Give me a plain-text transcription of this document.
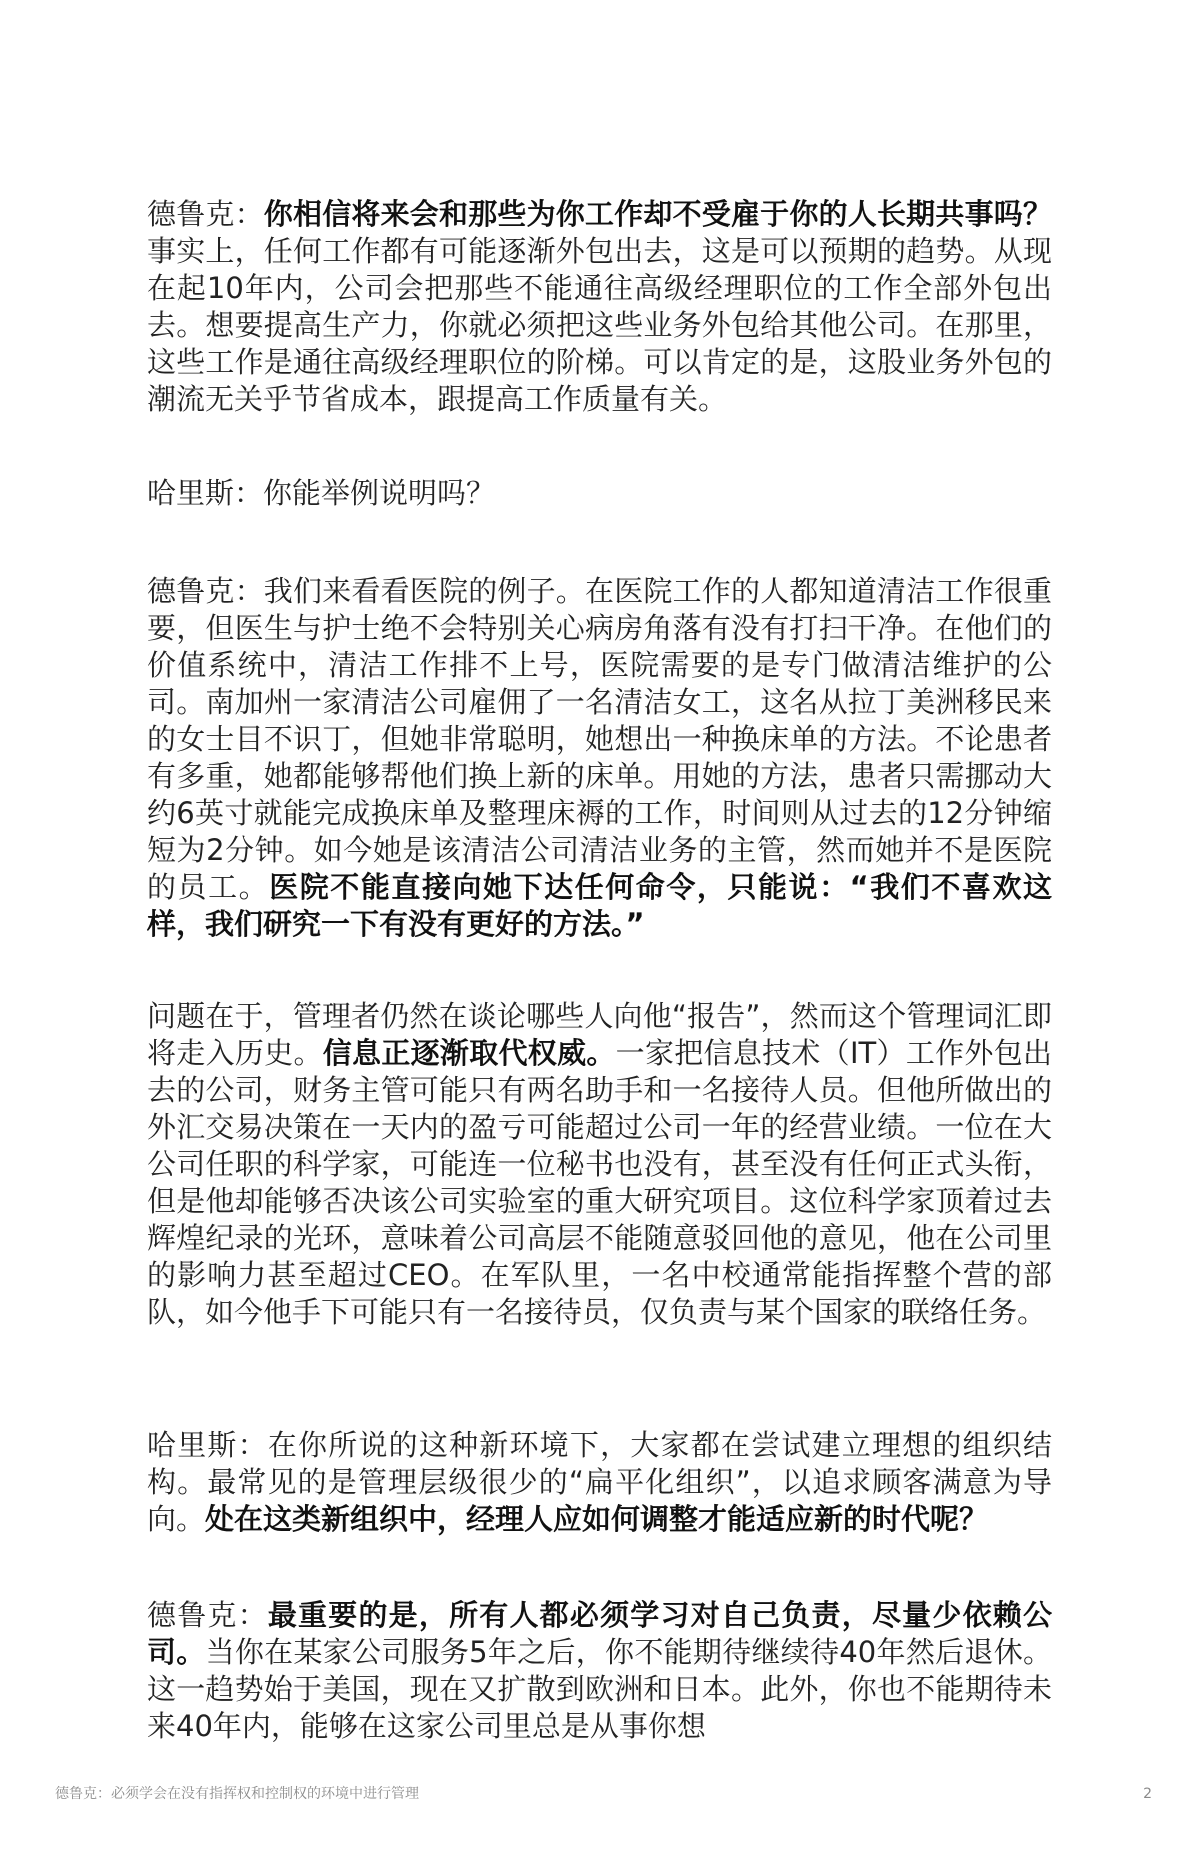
德鲁克：你相信将来会和那些为你工作却不受雇于你的人长期共事吗？事实上，任何工作都有可能逐渐外包出去，这是可以预期的趋势。从现在起10年内，公司会把那些不能通往高级经理职位的工作全部外包出去。想要提高生产力，你就必须把这些业务外包给其他公司。在那里，这些工作是通往高级经理职位的阶梯。可以肯定的是，这股业务外包的潮流无关乎节省成本，跟提高工作质量有关。

哈里斯：你能举例说明吗？

德鲁克：我们来看看医院的例子。在医院工作的人都知道清洁工作很重要，但医生与护士绝不会特别关心病房角落有没有打扫干净。在他们的价值系统中，清洁工作排不上号，医院需要的是专门做清洁维护的公司。南加州一家清洁公司雇佣了一名清洁女工，这名从拉丁美洲移民来的女士目不识丁，但她非常聪明，她想出一种换床单的方法。不论患者有多重，她都能够帮他们换上新的床单。用她的方法，患者只需挪动大约6英寸就能完成换床单及整理床褥的工作，时间则从过去的12分钟缩短为2分钟。如今她是该清洁公司清洁业务的主管，然而她并不是医院的员工。医院不能直接向她下达任何命令，只能说：“我们不喜欢这样，我们研究一下有没有更好的方法。”

问题在于，管理者仍然在谈论哪些人向他“报告”，然而这个管理词汇即将走入历史。信息正逐渐取代权威。一家把信息技术（IT）工作外包出去的公司，财务主管可能只有两名助手和一名接待人员。但他所做出的外汇交易决策在一天内的盈亏可能超过公司一年的经营业绩。一位在大公司任职的科学家，可能连一位秘书也没有，甚至没有任何正式头衔，但是他却能够否决该公司实验室的重大研究项目。这位科学家顶着过去辉煌纪录的光环，意味着公司高层不能随意驳回他的意见，他在公司里的影响力甚至超过CEO。在军队里，一名中校通常能指挥整个营的部队，如今他手下可能只有一名接待员，仅负责与某个国家的联络任务。

哈里斯：在你所说的这种新环境下，大家都在尝试建立理想的组织结构。最常见的是管理层级很少的“扁平化组织”，以追求顾客满意为导向。处在这类新组织中，经理人应如何调整才能适应新的时代呢？

德鲁克：最重要的是，所有人都必须学习对自己负责，尽量少依赖公司。当你在某家公司服务5年之后，你不能期待继续待40年然后退休。这一趋势始于美国，现在又扩散到欧洲和日本。此外，你也不能期待未来40年内，能够在这家公司里总是从事你想

德鲁克：必须学会在没有指挥权和控制权的环境中进行管理	2
